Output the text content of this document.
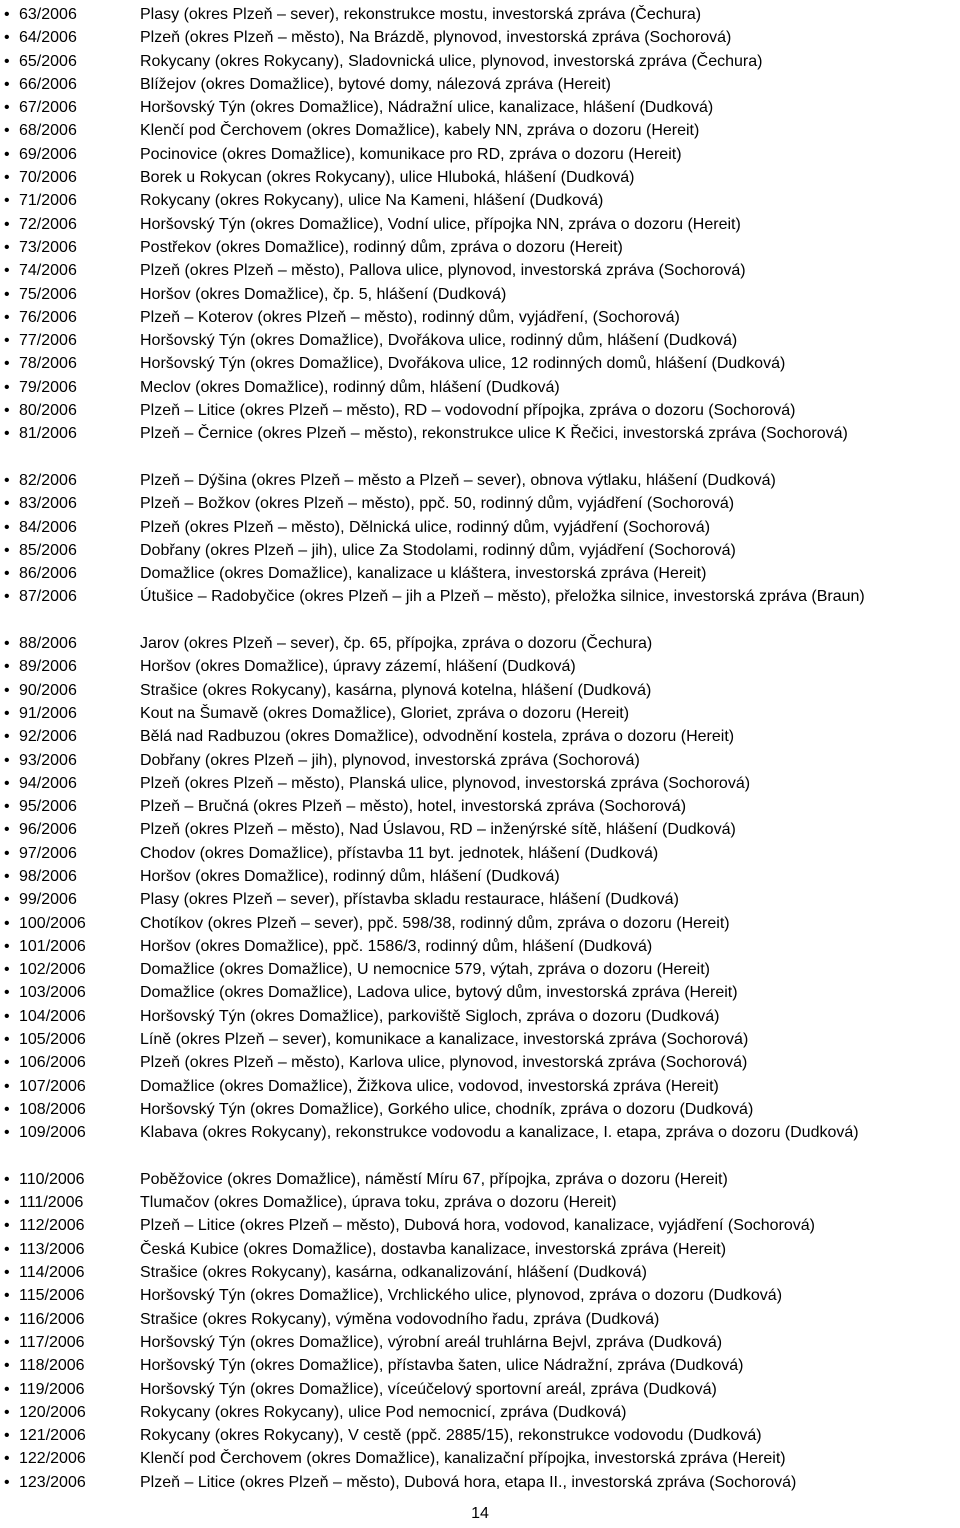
• 63/2006	Plasy (okres Plzeň – sever), rekonstrukce mostu, investorská zpráva (Čechura)
• 64/2006	Plzeň (okres Plzeň – město), Na Brázdě, plynovod, investorská zpráva (Sochorová)
• 65/2006	Rokycany (okres Rokycany), Sladovnická ulice, plynovod, investorská zpráva (Čechura)
• 66/2006	Blížejov (okres Domažlice), bytové domy, nálezová zpráva (Hereit)
• 67/2006	Horšovský Týn (okres Domažlice), Nádražní ulice, kanalizace, hlášení (Dudková)
• 68/2006	Klenčí pod Čerchovem (okres Domažlice), kabely NN, zpráva o dozoru (Hereit)
• 69/2006	Pocinovice (okres Domažlice), komunikace pro RD, zpráva o dozoru (Hereit)
• 70/2006	Borek u Rokycan (okres Rokycany), ulice Hluboká, hlášení (Dudková)
• 71/2006	Rokycany (okres Rokycany), ulice Na Kameni, hlášení (Dudková)
• 72/2006	Horšovský Týn (okres Domažlice), Vodní ulice, přípojka NN, zpráva o dozoru (Hereit)
• 73/2006	Postřekov (okres Domažlice), rodinný dům, zpráva o dozoru (Hereit)
• 74/2006	Plzeň (okres Plzeň – město), Pallova ulice, plynovod, investorská zpráva (Sochorová)
• 75/2006	Horšov (okres Domažlice), čp. 5, hlášení (Dudková)
• 76/2006	Plzeň – Koterov (okres Plzeň – město), rodinný dům, vyjádření, (Sochorová)
• 77/2006	Horšovský Týn (okres Domažlice), Dvořákova ulice, rodinný dům, hlášení (Dudková)
• 78/2006	Horšovský Týn (okres Domažlice), Dvořákova ulice, 12 rodinných domů, hlášení (Dudková)
• 79/2006	Meclov (okres Domažlice), rodinný dům, hlášení (Dudková)
• 80/2006	Plzeň – Litice (okres Plzeň – město), RD – vodovodní přípojka, zpráva o dozoru (Sochorová)
• 81/2006	Plzeň – Černice (okres Plzeň – město), rekonstrukce ulice K Řečici, investorská zpráva (Sochorová)
• 82/2006	Plzeň – Dýšina (okres Plzeň – město a Plzeň – sever), obnova výtlaku, hlášení (Dudková)
• 83/2006	Plzeň – Božkov (okres Plzeň – město), ppč. 50, rodinný dům, vyjádření (Sochorová)
• 84/2006	Plzeň (okres Plzeň – město), Dělnická ulice, rodinný dům, vyjádření (Sochorová)
• 85/2006	Dobřany (okres Plzeň – jih), ulice Za Stodolami, rodinný dům, vyjádření (Sochorová)
• 86/2006	Domažlice (okres Domažlice), kanalizace u kláštera, investorská zpráva (Hereit)
• 87/2006	Útušice – Radobyčice (okres Plzeň – jih a Plzeň – město), přeložka silnice, investorská zpráva (Braun)
• 88/2006	Jarov (okres Plzeň – sever), čp. 65, přípojka, zpráva o dozoru (Čechura)
• 89/2006	Horšov (okres Domažlice), úpravy zázemí, hlášení (Dudková)
• 90/2006	Strašice (okres Rokycany), kasárna, plynová kotelna, hlášení (Dudková)
• 91/2006	Kout na Šumavě (okres Domažlice), Gloriet, zpráva o dozoru (Hereit)
• 92/2006	Bělá nad Radbuzou (okres Domažlice), odvodnění kostela, zpráva o dozoru (Hereit)
• 93/2006	Dobřany (okres Plzeň – jih), plynovod, investorská zpráva (Sochorová)
• 94/2006	Plzeň (okres Plzeň – město), Planská ulice, plynovod, investorská zpráva (Sochorová)
• 95/2006	Plzeň – Bručná (okres Plzeň – město), hotel, investorská zpráva (Sochorová)
• 96/2006	Plzeň (okres Plzeň – město), Nad Úslavou, RD – inženýrské sítě, hlášení (Dudková)
• 97/2006	Chodov (okres Domažlice), přístavba 11 byt. jednotek, hlášení (Dudková)
• 98/2006	Horšov (okres Domažlice), rodinný dům, hlášení (Dudková)
• 99/2006	Plasy (okres Plzeň – sever), přístavba skladu restaurace, hlášení (Dudková)
• 100/2006	Chotíkov (okres Plzeň – sever), ppč. 598/38, rodinný dům, zpráva o dozoru (Hereit)
• 101/2006	Horšov (okres Domažlice), ppč. 1586/3, rodinný dům, hlášení (Dudková)
• 102/2006	Domažlice (okres Domažlice), U nemocnice 579, výtah, zpráva o dozoru (Hereit)
• 103/2006	Domažlice (okres Domažlice), Ladova ulice, bytový dům, investorská zpráva (Hereit)
• 104/2006	Horšovský Týn (okres Domažlice), parkoviště Sigloch, zpráva o dozoru (Dudková)
• 105/2006	Líně (okres Plzeň – sever), komunikace a kanalizace, investorská zpráva (Sochorová)
• 106/2006	Plzeň (okres Plzeň – město), Karlova ulice, plynovod, investorská zpráva (Sochorová)
• 107/2006	Domažlice (okres Domažlice), Žižkova ulice, vodovod, investorská zpráva (Hereit)
• 108/2006	Horšovský Týn (okres Domažlice), Gorkého ulice, chodník, zpráva o dozoru (Dudková)
• 109/2006	Klabava (okres Rokycany), rekonstrukce vodovodu a kanalizace, I. etapa, zpráva o dozoru (Dudková)
• 110/2006	Poběžovice (okres Domažlice), náměstí Míru 67, přípojka, zpráva o dozoru (Hereit)
• 111/2006	Tlumačov (okres Domažlice), úprava toku, zpráva o dozoru (Hereit)
• 112/2006	Plzeň – Litice (okres Plzeň – město), Dubová hora, vodovod, kanalizace, vyjádření (Sochorová)
• 113/2006	Česká Kubice (okres Domažlice), dostavba kanalizace, investorská zpráva (Hereit)
• 114/2006	Strašice (okres Rokycany), kasárna, odkanalizování, hlášení (Dudková)
• 115/2006	Horšovský Týn (okres Domažlice), Vrchlického ulice, plynovod, zpráva o dozoru (Dudková)
• 116/2006	Strašice (okres Rokycany), výměna vodovodního řadu, zpráva (Dudková)
• 117/2006	Horšovský Týn (okres Domažlice), výrobní areál truhlárna Bejvl, zpráva (Dudková)
• 118/2006	Horšovský Týn (okres Domažlice), přístavba šaten, ulice Nádražní, zpráva (Dudková)
• 119/2006	Horšovský Týn (okres Domažlice), víceúčelový sportovní areál, zpráva (Dudková)
• 120/2006	Rokycany (okres Rokycany), ulice Pod nemocnicí, zpráva (Dudková)
• 121/2006	Rokycany (okres Rokycany), V cestě (ppč. 2885/15), rekonstrukce vodovodu (Dudková)
• 122/2006	Klenčí pod Čerchovem (okres Domažlice), kanalizační přípojka, investorská zpráva (Hereit)
• 123/2006	Plzeň – Litice (okres Plzeň – město), Dubová hora, etapa II., investorská zpráva (Sochorová)
14
